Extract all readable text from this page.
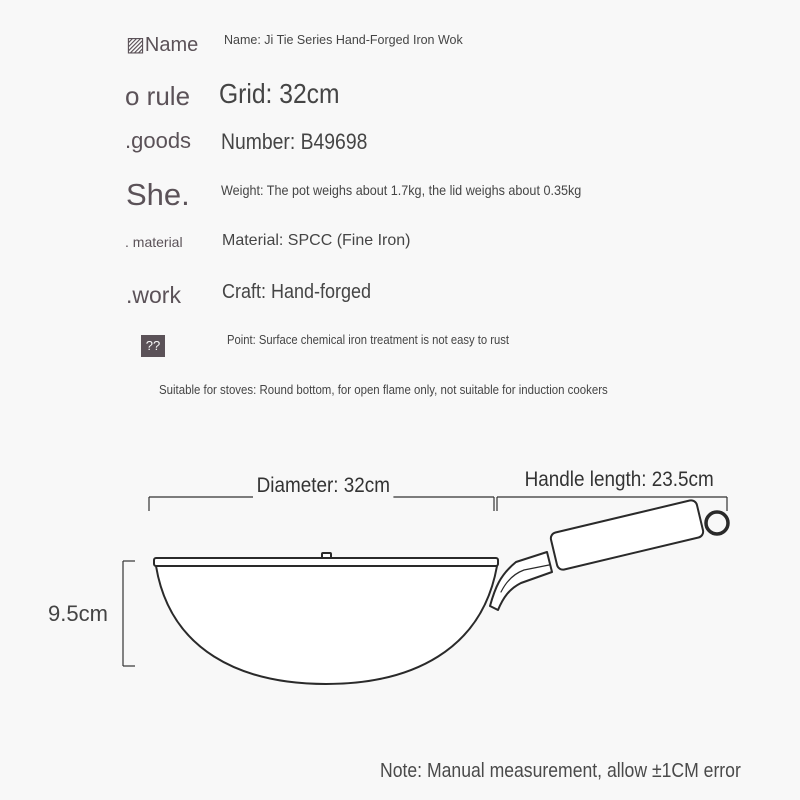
▨Name
o rule
.goods
She.
. material
.work
??
Name: Ji Tie Series Hand-Forged Iron Wok
Grid: 32cm
Number: B49698
Weight: The pot weighs about 1.7kg, the lid weighs about 0.35kg
Material: SPCC (Fine Iron)
Craft: Hand-forged
Point: Surface chemical iron treatment is not easy to rust
Suitable for stoves: Round bottom, for open flame only, not suitable for induction cookers
Diameter: 32cm	Handle length: 23.5cm
9.5cm
Note: Manual measurement, allow ±1CM error
